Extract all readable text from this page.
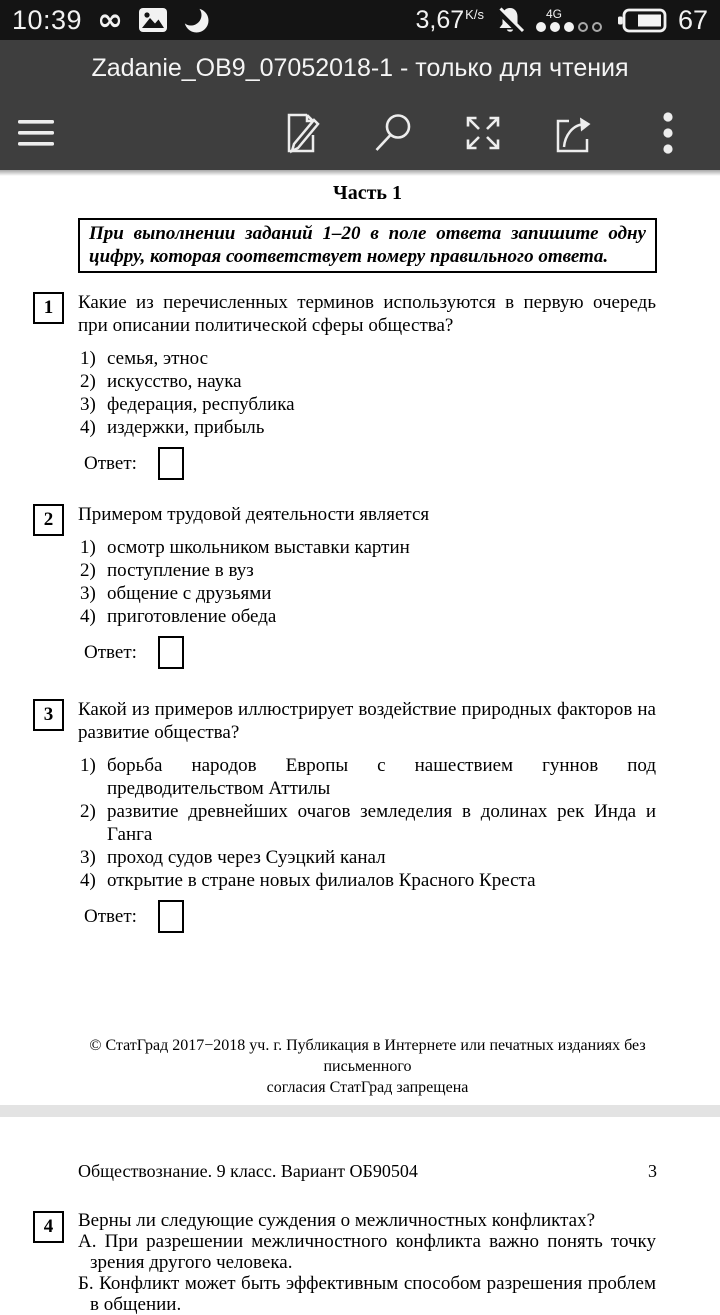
10:39 ∞	$3,67^{K/s}$	4G	67
Zadanie_OB9_07052018-1 - только для чтения
Часть 1
При выполнении заданий 1–20 в поле ответа запишите одну цифру, которая соответствует номеру правильного ответа.
1	Какие из перечисленных терминов используются в первую очередь при описании политической сферы общества?
1) семья, этнос
2) искусство, наука
3) федерация, республика
4) издержки, прибыль
Ответ:
2	Примером трудовой деятельности является
1) осмотр школьником выставки картин
2) поступление в вуз
3) общение с друзьями
4) приготовление обеда
Ответ:
3	Какой из примеров иллюстрирует воздействие природных факторов на развитие общества?
1) борьба народов Европы с нашествием гуннов под предводительством Аттилы
2) развитие древнейших очагов земледелия в долинах рек Инда и Ганга
3) проход судов через Суэцкий канал
4) открытие в стране новых филиалов Красного Креста
Ответ:
© СтатГрад 2017−2018 уч. г. Публикация в Интернете или печатных изданиях без письменного
согласия СтатГрад запрещена
Обществознание. 9 класс. Вариант ОБ90504	3
4	Верны ли следующие суждения о межличностных конфликтах?
А. При разрешении межличностного конфликта важно понять точку зрения другого человека.
Б. Конфликт может быть эффективным способом разрешения проблем в общении.
